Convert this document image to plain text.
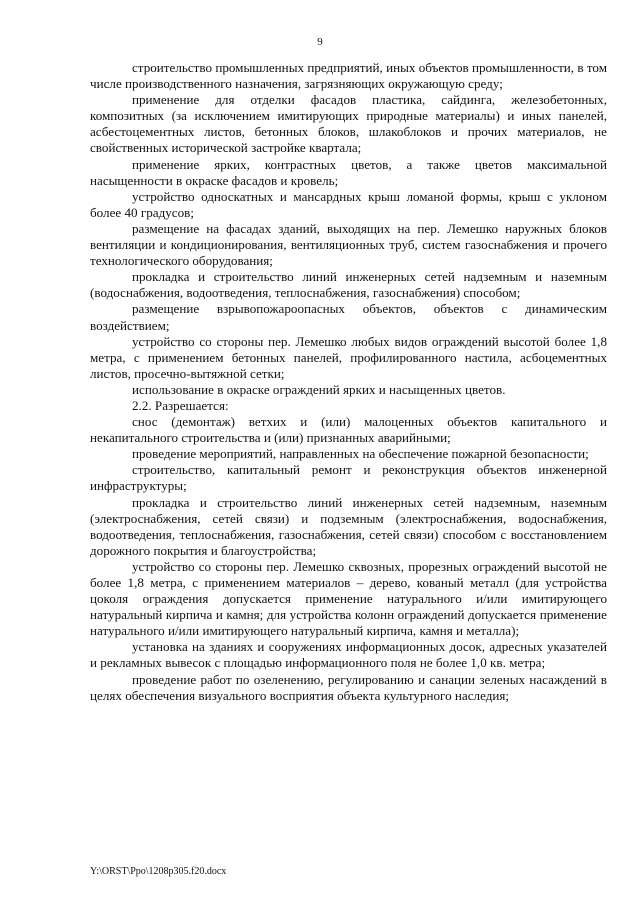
9

строительство промышленных предприятий, иных объектов промышленности, в том числе производственного назначения, загрязняющих окружающую среду;

применение для отделки фасадов пластика, сайдинга, железобетонных, композитных (за исключением имитирующих природные материалы) и иных панелей, асбестоцементных листов, бетонных блоков, шлакоблоков и прочих материалов, не свойственных исторической застройке квартала;

применение ярких, контрастных цветов, а также цветов максимальной насыщенности в окраске фасадов и кровель;

устройство односкатных и мансардных крыш ломаной формы, крыш с уклоном более 40 градусов;

размещение на фасадах зданий, выходящих на пер. Лемешко наружных блоков вентиляции и кондиционирования, вентиляционных труб, систем газоснабжения и прочего технологического оборудования;

прокладка и строительство линий инженерных сетей надземным и наземным (водоснабжения, водоотведения, теплоснабжения, газоснабжения) способом;

размещение взрывопожароопасных объектов, объектов с динамическим воздействием;

устройство со стороны пер. Лемешко любых видов ограждений высотой более 1,8 метра, с применением бетонных панелей, профилированного настила, асбоцементных листов, просечно-вытяжной сетки;

использование в окраске ограждений ярких и насыщенных цветов.

2.2. Разрешается:

снос (демонтаж) ветхих и (или) малоценных объектов капитального и некапитального строительства и (или) признанных аварийными;

проведение мероприятий, направленных на обеспечение пожарной безопасности;

строительство, капитальный ремонт и реконструкция объектов инженерной инфраструктуры;

прокладка и строительство линий инженерных сетей надземным, наземным (электроснабжения, сетей связи) и подземным (электроснабжения, водоснабжения, водоотведения, теплоснабжения, газоснабжения, сетей связи) способом с восстановлением дорожного покрытия и благоустройства;

устройство со стороны пер. Лемешко сквозных, прорезных ограждений высотой не более 1,8 метра, с применением материалов – дерево, кованый металл (для устройства цоколя ограждения допускается применение натурального и/или имитирующего натуральный кирпича и камня; для устройства колонн ограждений допускается применение натурального и/или имитирующего натуральный кирпича, камня и металла);

установка на зданиях и сооружениях информационных досок, адресных указателей и рекламных вывесок с площадью информационного поля не более 1,0 кв. метра;

проведение работ по озеленению, регулированию и санации зеленых насаждений в целях обеспечения визуального восприятия объекта культурного наследия;

Y:\ORST\Ppo\1208p305.f20.docx
